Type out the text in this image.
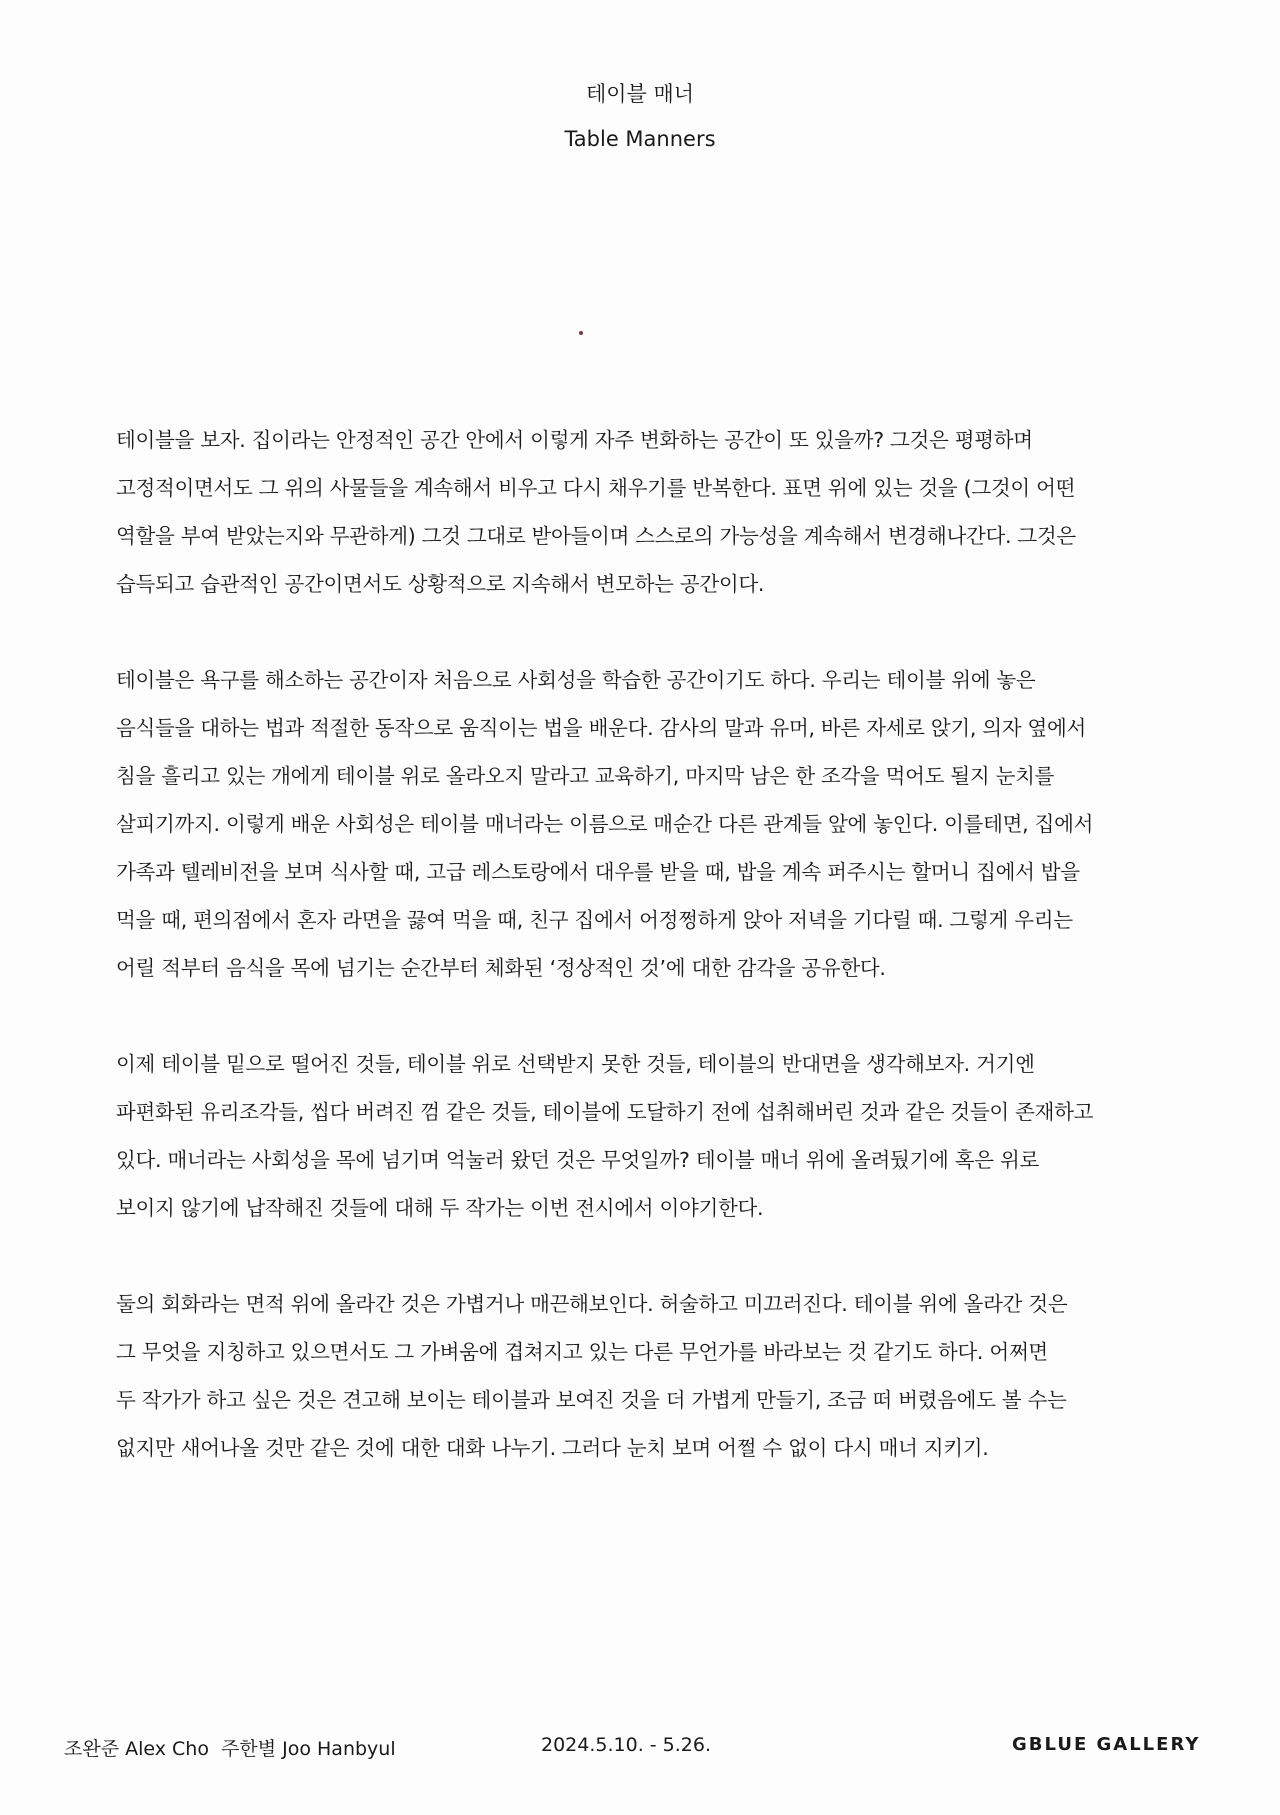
테이블 매너
Table Manners
테이블을 보자. 집이라는 안정적인 공간 안에서 이렇게 자주 변화하는 공간이 또 있을까? 그것은 평평하며
고정적이면서도 그 위의 사물들을 계속해서 비우고 다시 채우기를 반복한다. 표면 위에 있는 것을 (그것이 어떤
역할을 부여 받았는지와 무관하게) 그것 그대로 받아들이며 스스로의 가능성을 계속해서 변경해나간다. 그것은
습득되고 습관적인 공간이면서도 상황적으로 지속해서 변모하는 공간이다.
테이블은 욕구를 해소하는 공간이자 처음으로 사회성을 학습한 공간이기도 하다. 우리는 테이블 위에 놓은
음식들을 대하는 법과 적절한 동작으로 움직이는 법을 배운다. 감사의 말과 유머, 바른 자세로 앉기, 의자 옆에서
침을 흘리고 있는 개에게 테이블 위로 올라오지 말라고 교육하기, 마지막 남은 한 조각을 먹어도 될지 눈치를
살피기까지. 이렇게 배운 사회성은 테이블 매너라는 이름으로 매순간 다른 관계들 앞에 놓인다. 이를테면, 집에서
가족과 텔레비전을 보며 식사할 때, 고급 레스토랑에서 대우를 받을 때, 밥을 계속 퍼주시는 할머니 집에서 밥을
먹을 때, 편의점에서 혼자 라면을 끓여 먹을 때, 친구 집에서 어정쩡하게 앉아 저녁을 기다릴 때. 그렇게 우리는
어릴 적부터 음식을 목에 넘기는 순간부터 체화된 ‘정상적인 것’에 대한 감각을 공유한다.
이제 테이블 밑으로 떨어진 것들, 테이블 위로 선택받지 못한 것들, 테이블의 반대면을 생각해보자. 거기엔
파편화된 유리조각들, 씹다 버려진 껌 같은 것들, 테이블에 도달하기 전에 섭취해버린 것과 같은 것들이 존재하고
있다. 매너라는 사회성을 목에 넘기며 억눌러 왔던 것은 무엇일까? 테이블 매너 위에 올려뒀기에 혹은 위로
보이지 않기에 납작해진 것들에 대해 두 작가는 이번 전시에서 이야기한다.
둘의 회화라는 면적 위에 올라간 것은 가볍거나 매끈해보인다. 허술하고 미끄러진다. 테이블 위에 올라간 것은
그 무엇을 지칭하고 있으면서도 그 가벼움에 겹쳐지고 있는 다른 무언가를 바라보는 것 같기도 하다. 어쩌면
두 작가가 하고 싶은 것은 견고해 보이는 테이블과 보여진 것을 더 가볍게 만들기, 조금 떠 버렸음에도 볼 수는
없지만 새어나올 것만 같은 것에 대한 대화 나누기. 그러다 눈치 보며 어쩔 수 없이 다시 매너 지키기.
조완준 Alex Cho  주한별 Joo Hanbyul	2024.5.10. - 5.26.	GBLUE GALLERY
